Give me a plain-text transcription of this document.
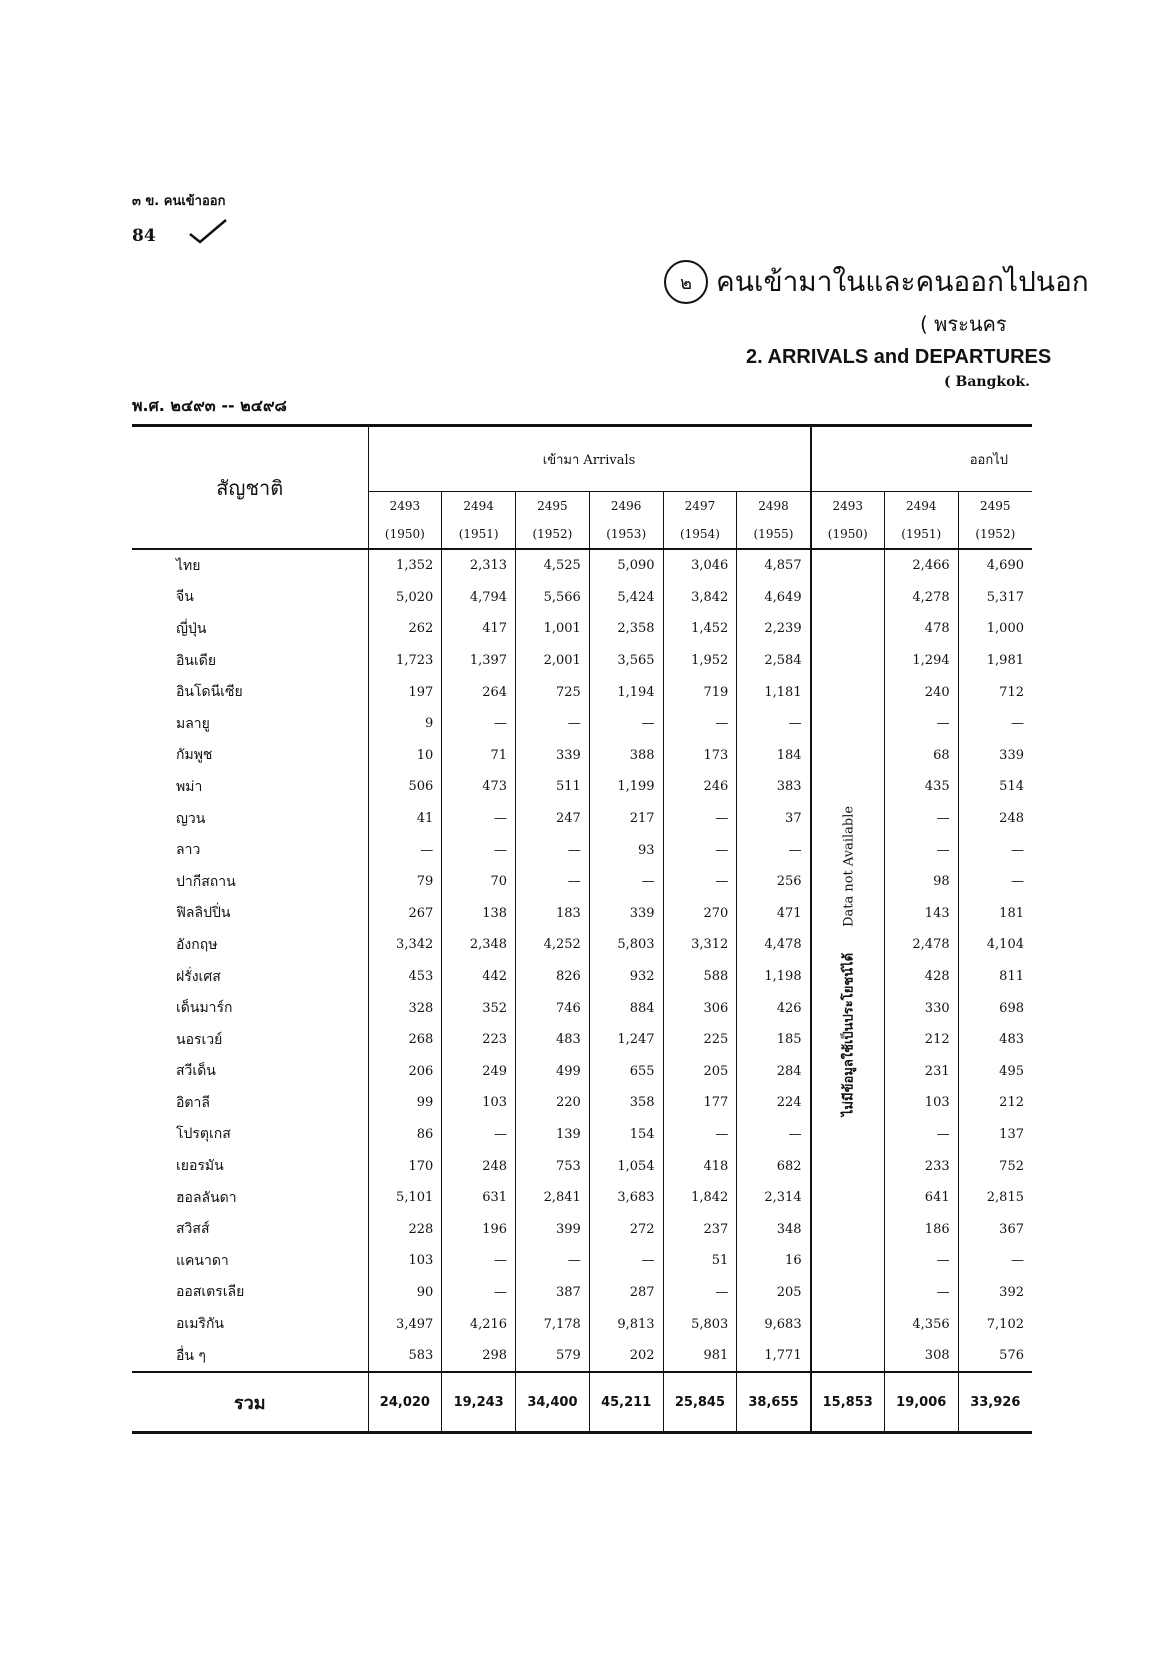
๓ ข. คนเข้าออก
84
๒ คนเข้ามาในและคนออกไปนอก
( พระนคร
2. ARRIVALS and DEPARTURES
( Bangkok.
พ.ศ. ๒๔๙๓ -- ๒๔๙๘
สัญชาติ	เข้ามา Arrivals						ออกไป		
	2493	2494	2495	2496	2497	2498	2493	2494	2495
	(1950)	(1951)	(1952)	(1953)	(1954)	(1955)	(1950)	(1951)	(1952)
ไทย	1,352	2,313	4,525	5,090	3,046	4,857	ไม่มีข้อมูลใช้เป็นประโยชน์ได้  Data not Available	2,466	4,690
จีน	5,020	4,794	5,566	5,424	3,842	4,649		4,278	5,317
ญี่ปุ่น	262	417	1,001	2,358	1,452	2,239		478	1,000
อินเดีย	1,723	1,397	2,001	3,565	1,952	2,584		1,294	1,981
อินโดนีเซีย	197	264	725	1,194	719	1,181		240	712
มลายู	9	—	—	—	—	—		—	—
กัมพูช	10	71	339	388	173	184		68	339
พม่า	506	473	511	1,199	246	383		435	514
ญวน	41	—	247	217	—	37		—	248
ลาว	—	—	—	93	—	—		—	—
ปากีสถาน	79	70	—	—	—	256		98	—
ฟิลลิปปิ่น	267	138	183	339	270	471		143	181
อังกฤษ	3,342	2,348	4,252	5,803	3,312	4,478		2,478	4,104
ฝรั่งเศส	453	442	826	932	588	1,198		428	811
เด็นมาร์ก	328	352	746	884	306	426		330	698
นอรเวย์	268	223	483	1,247	225	185		212	483
สวีเด็น	206	249	499	655	205	284		231	495
อิตาลี	99	103	220	358	177	224		103	212
โปรตุเกส	86	—	139	154	—	—		—	137
เยอรมัน	170	248	753	1,054	418	682		233	752
ฮอลลันดา	5,101	631	2,841	3,683	1,842	2,314		641	2,815
สวิสส์	228	196	399	272	237	348		186	367
แคนาดา	103	—	—	—	51	16		—	—
ออสเตรเลีย	90	—	387	287	—	205		—	392
อเมริกัน	3,497	4,216	7,178	9,813	5,803	9,683		4,356	7,102
อื่น ๆ	583	298	579	202	981	1,771		308	576
รวม	24,020	19,243	34,400	45,211	25,845	38,655	15,853	19,006	33,926
